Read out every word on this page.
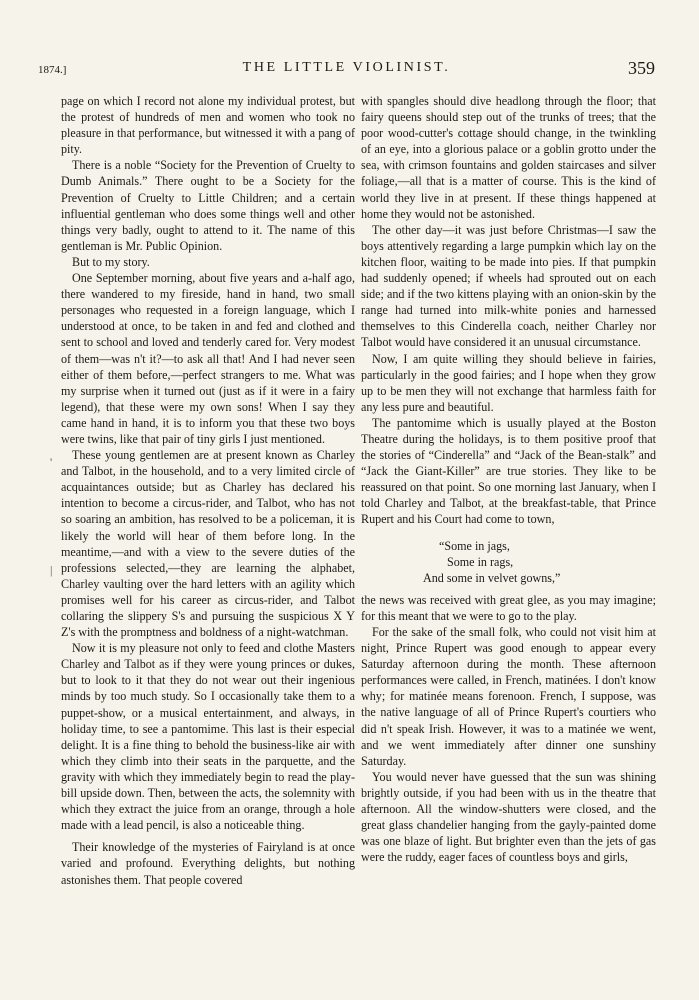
1874.]	THE LITTLE VIOLINIST.	359
'
|

page on which I record not alone my individual protest, but the protest of hundreds of men and women who took no pleasure in that performance, but witnessed it with a pang of pity.

There is a noble “Society for the Prevention of Cruelty to Dumb Animals.” There ought to be a Society for the Prevention of Cruelty to Little Children; and a certain influential gentleman who does some things well and other things very badly, ought to attend to it. The name of this gentleman is Mr. Public Opinion.

But to my story.

One September morning, about five years and a-half ago, there wandered to my fireside, hand in hand, two small personages who requested in a foreign language, which I understood at once, to be taken in and fed and clothed and sent to school and loved and tenderly cared for. Very modest of them—was n't it?—to ask all that! And I had never seen either of them before,—perfect strangers to me. What was my surprise when it turned out (just as if it were in a fairy legend), that these were my own sons! When I say they came hand in hand, it is to inform you that these two boys were twins, like that pair of tiny girls I just mentioned.

These young gentlemen are at present known as Charley and Talbot, in the household, and to a very limited circle of acquaintances outside; but as Charley has declared his intention to become a circus-rider, and Talbot, who has not so soaring an ambition, has resolved to be a policeman, it is likely the world will hear of them before long. In the meantime,—and with a view to the severe duties of the professions selected,—they are learning the alphabet, Charley vaulting over the hard letters with an agility which promises well for his career as circus-rider, and Talbot collaring the slippery S's and pursuing the suspicious X Y Z's with the promptness and boldness of a night-watchman.

Now it is my pleasure not only to feed and clothe Masters Charley and Talbot as if they were young princes or dukes, but to look to it that they do not wear out their ingenious minds by too much study. So I occasionally take them to a puppet-show, or a musical entertainment, and always, in holiday time, to see a pantomime. This last is their especial delight. It is a fine thing to behold the business-like air with which they climb into their seats in the parquette, and the gravity with which they immediately begin to read the play-bill upside down. Then, between the acts, the solemnity with which they extract the juice from an orange, through a hole made with a lead pencil, is also a noticeable thing.

Their knowledge of the mysteries of Fairyland is at once varied and profound. Everything delights, but nothing astonishes them. That people covered

with spangles should dive headlong through the floor; that fairy queens should step out of the trunks of trees; that the poor wood-cutter's cottage should change, in the twinkling of an eye, into a glorious palace or a goblin grotto under the sea, with crimson fountains and golden staircases and silver foliage,—all that is a matter of course. This is the kind of world they live in at present. If these things happened at home they would not be astonished.

The other day—it was just before Christmas—I saw the boys attentively regarding a large pumpkin which lay on the kitchen floor, waiting to be made into pies. If that pumpkin had suddenly opened; if wheels had sprouted out on each side; and if the two kittens playing with an onion-skin by the range had turned into milk-white ponies and harnessed themselves to this Cinderella coach, neither Charley nor Talbot would have considered it an unusual circumstance.

Now, I am quite willing they should believe in fairies, particularly in the good fairies; and I hope when they grow up to be men they will not exchange that harmless faith for any less pure and beautiful.

The pantomime which is usually played at the Boston Theatre during the holidays, is to them positive proof that the stories of “Cinderella” and “Jack of the Bean-stalk” and “Jack the Giant-Killer” are true stories. They like to be reassured on that point. So one morning last January, when I told Charley and Talbot, at the breakfast-table, that Prince Rupert and his Court had come to town,

“Some in jags,
Some in rags,
And some in velvet gowns,”

the news was received with great glee, as you may imagine; for this meant that we were to go to the play.

For the sake of the small folk, who could not visit him at night, Prince Rupert was good enough to appear every Saturday afternoon during the month. These afternoon performances were called, in French, matinées. I don't know why; for matinée means forenoon. French, I suppose, was the native language of all of Prince Rupert's courtiers who did n't speak Irish. However, it was to a matinée we went, and we went immediately after dinner one sunshiny Saturday.

You would never have guessed that the sun was shining brightly outside, if you had been with us in the theatre that afternoon. All the window-shutters were closed, and the great glass chandelier hanging from the gayly-painted dome was one blaze of light. But brighter even than the jets of gas were the ruddy, eager faces of countless boys and girls,
